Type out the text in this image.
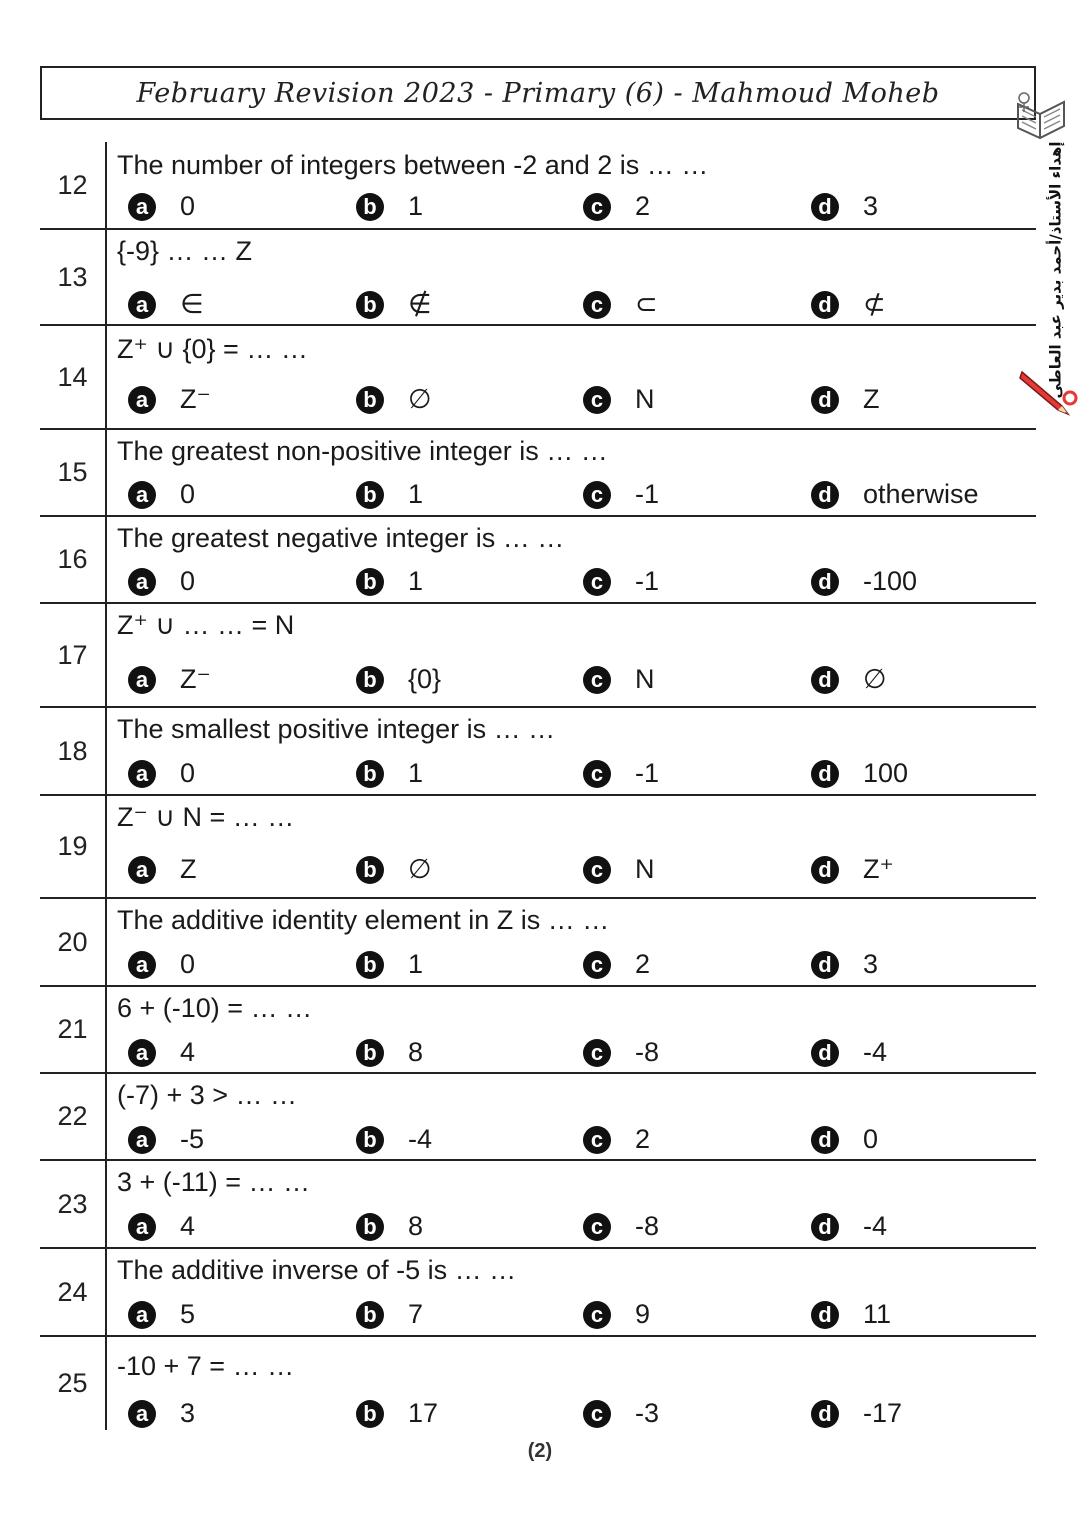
February Revision 2023 - Primary (6) - Mahmoud Moheb
إهداء الأستاذ/أحمد بدير عبد العاطى
12
The number of integers between -2 and 2 is … …
a 0	b 1	c 2	d 3
13
{-9} … … Z
a ∈	b ∉	c ⊂	d ⊄
14
Z⁺ ∪ {0} = … …
a Z⁻	b ∅	c N	d Z
15
The greatest non-positive integer is … …
a 0	b 1	c -1	d otherwise
16
The greatest negative integer is … …
a 0	b 1	c -1	d -100
17
Z⁺ ∪ … … = N
a Z⁻	b {0}	c N	d ∅
18
The smallest positive integer is … …
a 0	b 1	c -1	d 100
19
Z⁻ ∪ N = … …
a Z	b ∅	c N	d Z⁺
20
The additive identity element in Z is … …
a 0	b 1	c 2	d 3
21
6 + (-10) = … …
a 4	b 8	c -8	d -4
22
(-7) + 3 > … …
a -5	b -4	c 2	d 0
23
3 + (-11) = … …
a 4	b 8	c -8	d -4
24
The additive inverse of -5 is … …
a 5	b 7	c 9	d 11
25
-10 + 7 = … …
a 3	b 17	c -3	d -17
(2)
